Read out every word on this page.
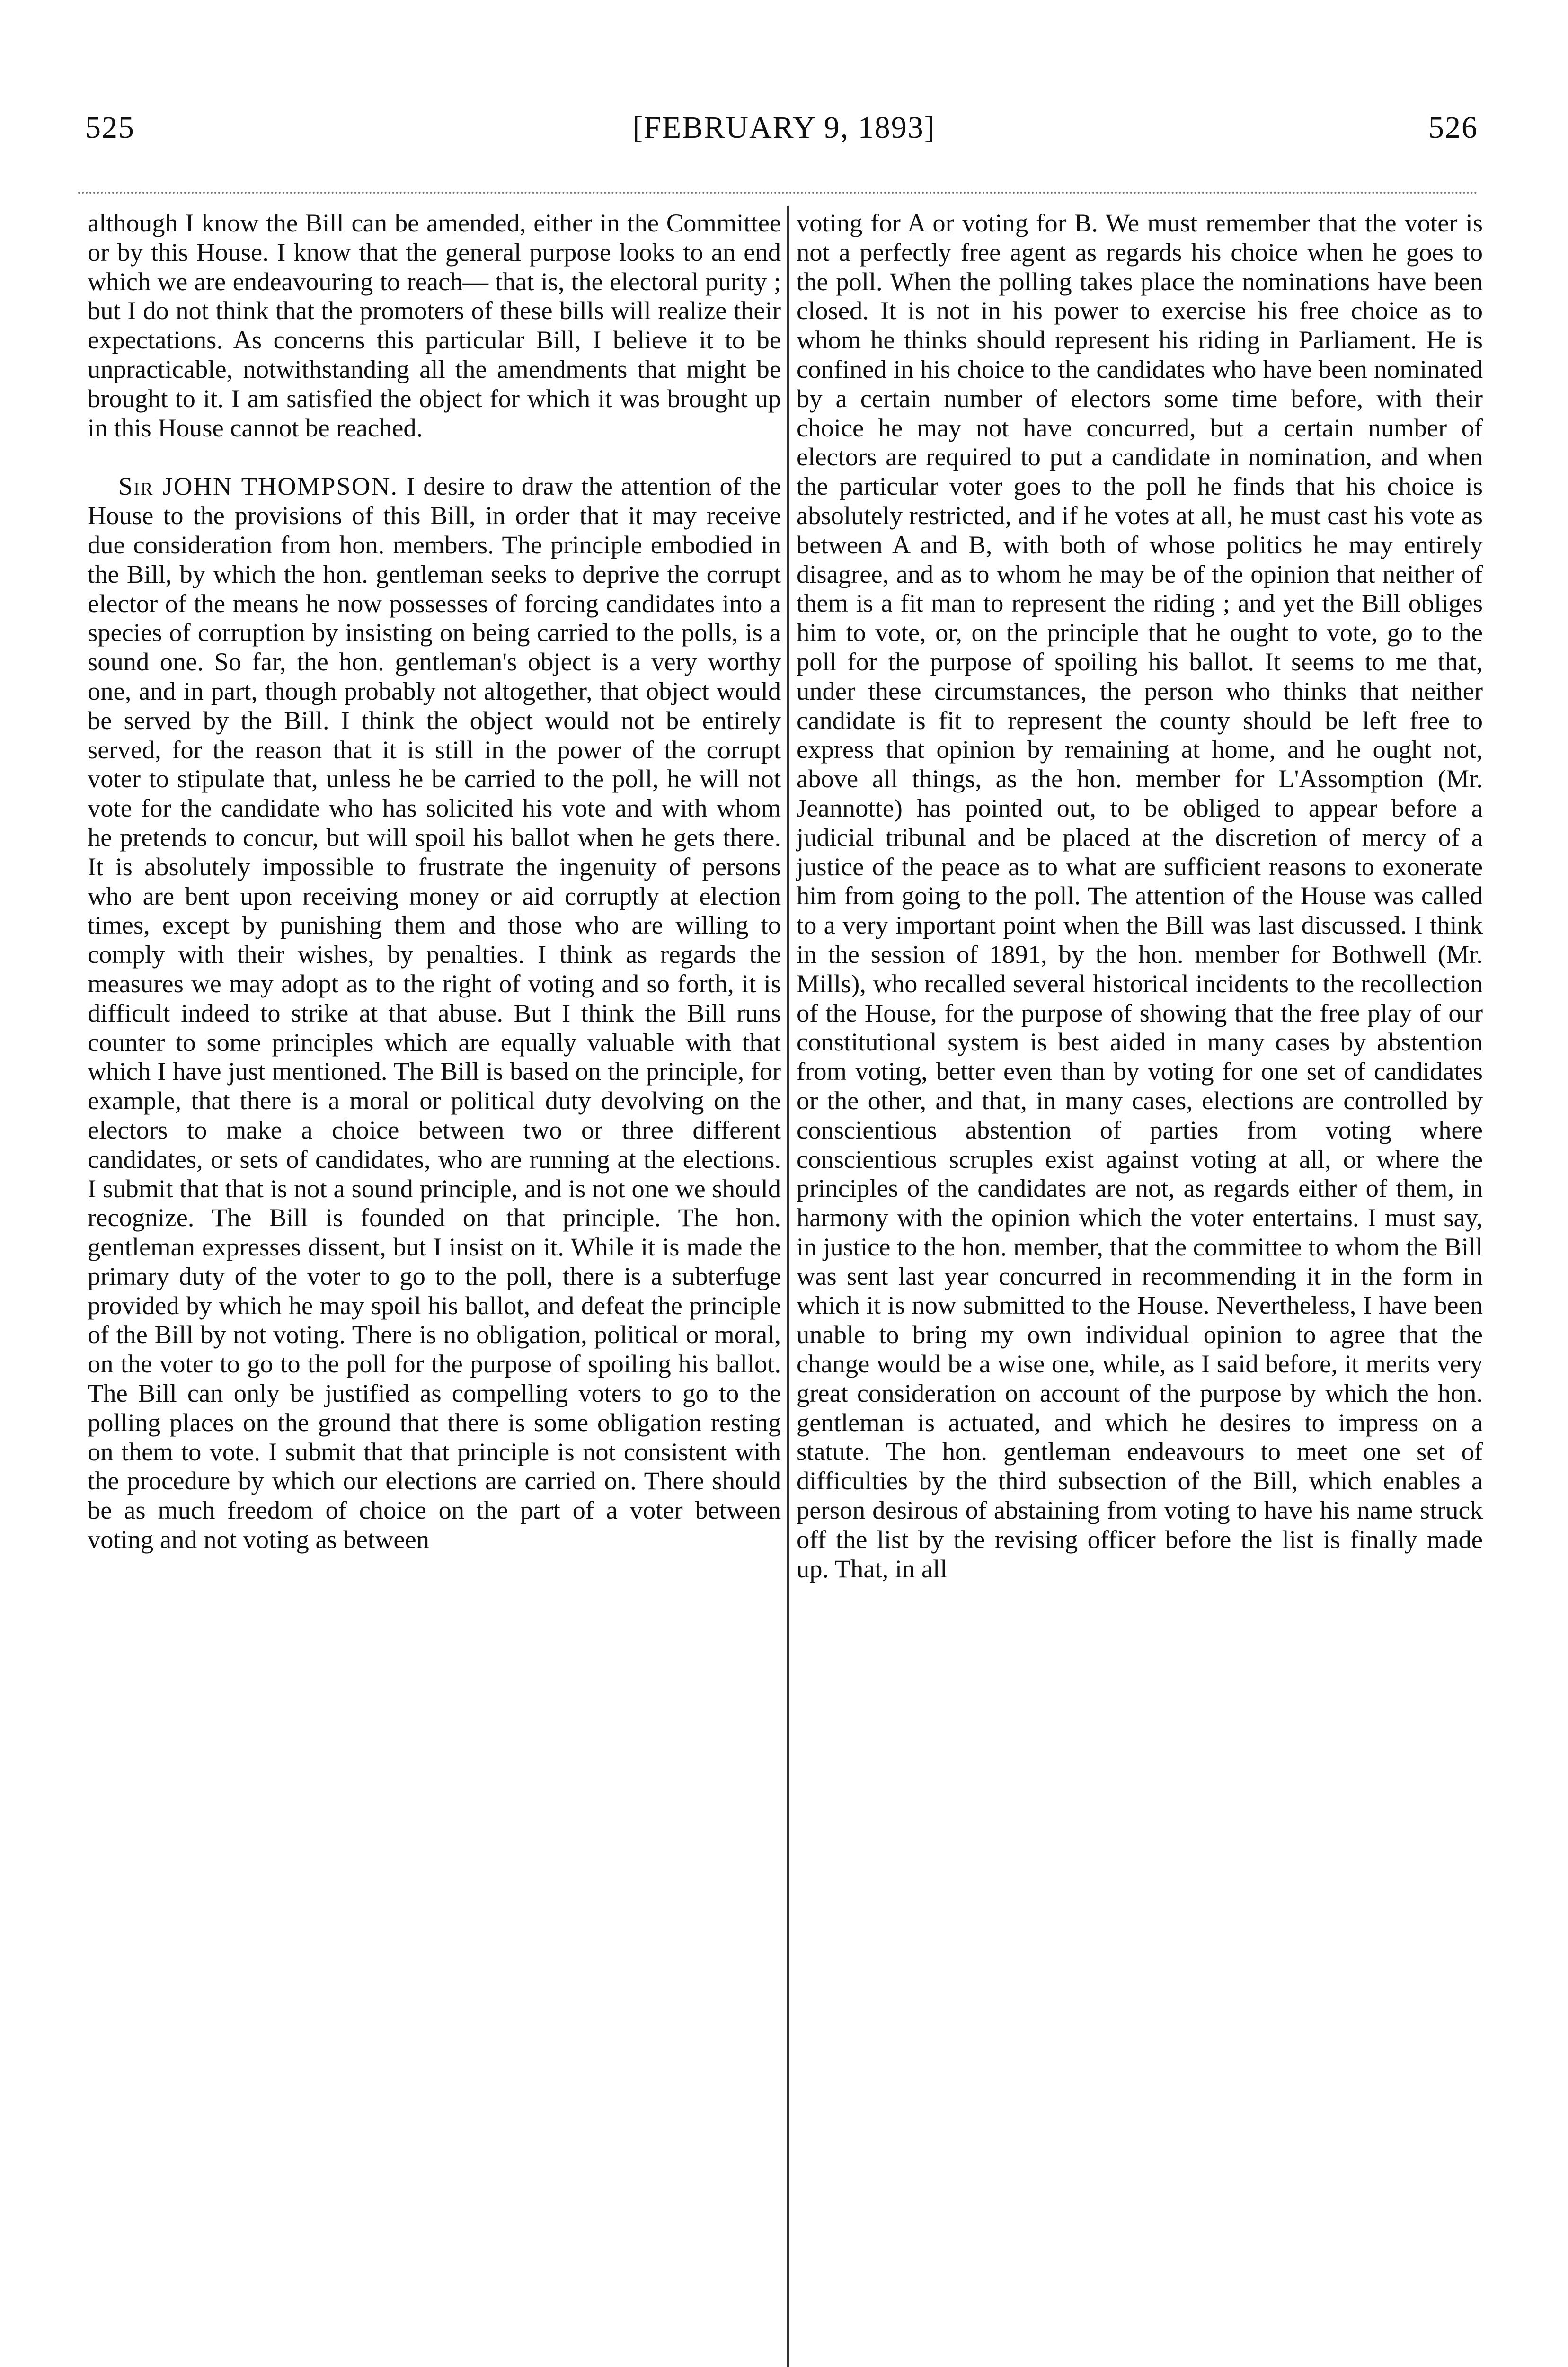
525	[FEBRUARY 9, 1893]	526

although I know the Bill can be amended, either in the Committee or by this House. I know that the general purpose looks to an end which we are endeavouring to reach— that is, the electoral purity ; but I do not think that the promoters of these bills will realize their expectations. As concerns this particular Bill, I believe it to be unpracticable, notwithstanding all the amendments that might be brought to it. I am satisfied the object for which it was brought up in this House cannot be reached.

Sir JOHN THOMPSON. I desire to draw the attention of the House to the provisions of this Bill, in order that it may receive due consideration from hon. members. The principle embodied in the Bill, by which the hon. gentleman seeks to deprive the corrupt elector of the means he now possesses of forcing candidates into a species of corruption by insisting on being carried to the polls, is a sound one. So far, the hon. gentleman's object is a very worthy one, and in part, though probably not altogether, that object would be served by the Bill. I think the object would not be entirely served, for the reason that it is still in the power of the corrupt voter to stipulate that, unless he be carried to the poll, he will not vote for the candidate who has solicited his vote and with whom he pretends to concur, but will spoil his ballot when he gets there. It is absolutely impossible to frustrate the ingenuity of persons who are bent upon receiving money or aid corruptly at election times, except by punishing them and those who are willing to comply with their wishes, by penalties. I think as regards the measures we may adopt as to the right of voting and so forth, it is difficult indeed to strike at that abuse. But I think the Bill runs counter to some principles which are equally valuable with that which I have just mentioned. The Bill is based on the principle, for example, that there is a moral or political duty devolving on the electors to make a choice between two or three different candidates, or sets of candidates, who are running at the elections. I submit that that is not a sound principle, and is not one we should recognize. The Bill is founded on that principle. The hon. gentleman expresses dissent, but I insist on it. While it is made the primary duty of the voter to go to the poll, there is a subterfuge provided by which he may spoil his ballot, and defeat the principle of the Bill by not voting. There is no obligation, political or moral, on the voter to go to the poll for the purpose of spoiling his ballot. The Bill can only be justified as compelling voters to go to the polling places on the ground that there is some obligation resting on them to vote. I submit that that principle is not consistent with the procedure by which our elections are carried on. There should be as much freedom of choice on the part of a voter between voting and not voting as between

voting for A or voting for B. We must remember that the voter is not a perfectly free agent as regards his choice when he goes to the poll. When the polling takes place the nominations have been closed. It is not in his power to exercise his free choice as to whom he thinks should represent his riding in Parliament. He is confined in his choice to the candidates who have been nominated by a certain number of electors some time before, with their choice he may not have concurred, but a certain number of electors are required to put a candidate in nomination, and when the particular voter goes to the poll he finds that his choice is absolutely restricted, and if he votes at all, he must cast his vote as between A and B, with both of whose politics he may entirely disagree, and as to whom he may be of the opinion that neither of them is a fit man to represent the riding ; and yet the Bill obliges him to vote, or, on the principle that he ought to vote, go to the poll for the purpose of spoiling his ballot. It seems to me that, under these circumstances, the person who thinks that neither candidate is fit to represent the county should be left free to express that opinion by remaining at home, and he ought not, above all things, as the hon. member for L'Assomption (Mr. Jeannotte) has pointed out, to be obliged to appear before a judicial tribunal and be placed at the discretion of mercy of a justice of the peace as to what are sufficient reasons to exonerate him from going to the poll. The attention of the House was called to a very important point when the Bill was last discussed. I think in the session of 1891, by the hon. member for Bothwell (Mr. Mills), who recalled several historical incidents to the recollection of the House, for the purpose of showing that the free play of our constitutional system is best aided in many cases by abstention from voting, better even than by voting for one set of candidates or the other, and that, in many cases, elections are controlled by conscientious abstention of parties from voting where conscientious scruples exist against voting at all, or where the principles of the candidates are not, as regards either of them, in harmony with the opinion which the voter entertains. I must say, in justice to the hon. member, that the committee to whom the Bill was sent last year concurred in recommending it in the form in which it is now submitted to the House. Nevertheless, I have been unable to bring my own individual opinion to agree that the change would be a wise one, while, as I said before, it merits very great consideration on account of the purpose by which the hon. gentleman is actuated, and which he desires to impress on a statute. The hon. gentleman endeavours to meet one set of difficulties by the third subsection of the Bill, which enables a person desirous of abstaining from voting to have his name struck off the list by the revising officer before the list is finally made up. That, in all
